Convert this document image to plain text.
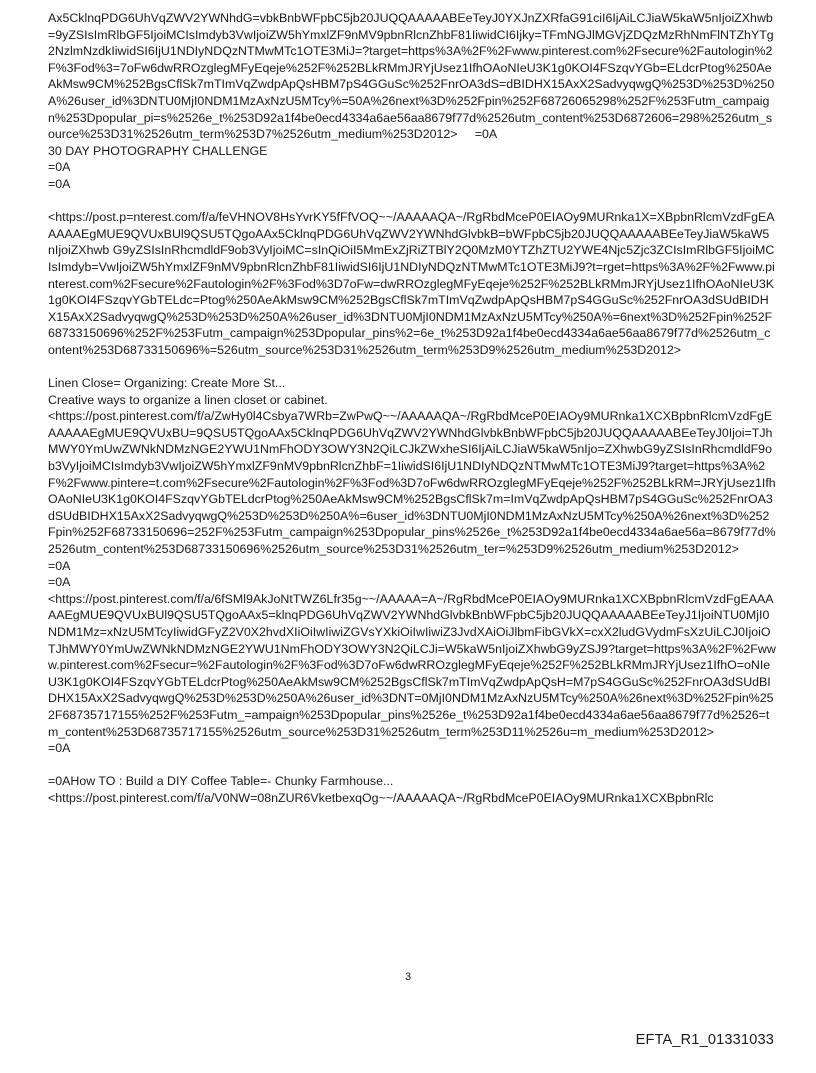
Ax5CklnqPDG6UhVqZWV2YWNhdG=vbkBnbWFpbC5jb20JUQQAAAAABEeTeyJ0YXJnZXRfaG91ciI6IjAiLCJiaW5kaW5nIjoiZXhwb=9yZSIsImRlbGF5IjoiMCIsImdyb3VwIjoiZW5hYmxlZF9nMV9pbnRlcnZhbF81IiwidCI6Ijky=TFmNGJlMGVjZDQzMzRhNmFlNTZhYTg2NzlmNzdkIiwidSI6IjU1NDIyNDQzNTMwMTc1OTE3MiJ=?target=https%3A%2F%2Fwww.pinterest.com%2Fsecure%2Fautologin%2F%3Fod%3=7oFw6dwRROzglegMFyEqeje%252F%252BLkRMmJRYjUsez1IfhOAoNIeU3K1g0KOI4FSzqvYGb=ELdcrPtog%250AeAkMsw9CM%252BgsCflSk7mTImVqZwdpApQsHBM7pS4GGuSc%252FnrOA3dS=dBIDHX15AxX2SadvyqwgQ%253D%253D%250A%26user_id%3DNTU0MjI0NDM1MzAxNzU5MTcy%=50A%26next%3D%252Fpin%252F68726065298%252F%253Futm_campaign%253Dpopular_pi=s%2526e_t%253D92a1f4be0ecd4334a6ae56aa8679f77d%2526utm_content%253D6872606=298%2526utm_source%253D31%2526utm_term%253D7%2526utm_medium%253D2012>     =0A

30 DAY PHOTOGRAPHY CHALLENGE

=0A

=0A

<https://post.p=nterest.com/f/a/feVHNOV8HsYvrKY5fFfVOQ~~/AAAAAQA~/RgRbdMceP0EIAOy9MURnka1X=XBpbnRlcmVzdFgEAAAAAEgMUE9QVUxBUl9QSU5TQgoAAx5CklnqPDG6UhVqZWV2YWNhdGlvbkB=bWFpbC5jb20JUQQAAAAABEeTeyJiaW5kaW5nIjoiZXhwb G9yZSIsInRhcmdldF9ob3VyIjoiMC=sInQiOiI5MmExZjRiZTBlY2Q0MzM0YTZhZTU2YWE4Njc5Zjc3ZCIsImRlbGF5IjoiMCIsImdyb=VwIjoiZW5hYmxlZF9nMV9pbnRlcnZhbF81IiwidSI6IjU1NDIyNDQzNTMwMTc1OTE3MiJ9?t=rget=https%3A%2F%2Fwww.pinterest.com%2Fsecure%2Fautologin%2F%3Fod%3D7oFw=dwRROzglegMFyEqeje%252F%252BLkRMmJRYjUsez1IfhOAoNIeU3K1g0KOI4FSzqvYGbTELdc=Ptog%250AeAkMsw9CM%252BgsCflSk7mTImVqZwdpApQsHBM7pS4GGuSc%252FnrOA3dSUdBIDHX15AxX2SadvyqwgQ%253D%253D%250A%26user_id%3DNTU0MjI0NDM1MzAxNzU5MTcy%250A%=6next%3D%252Fpin%252F68733150696%252F%253Futm_campaign%253Dpopular_pins%2=6e_t%253D92a1f4be0ecd4334a6ae56aa8679f77d%2526utm_content%253D68733150696%=526utm_source%253D31%2526utm_term%253D9%2526utm_medium%253D2012>

Linen Close= Organizing: Create More St...

Creative ways to organize a linen closet or cabinet.

<https://post.pinterest.com/f/a/ZwHy0l4Csbya7WRb=ZwPwQ~~/AAAAAQA~/RgRbdMceP0EIAOy9MURnka1XCXBpbnRlcmVzdFgEAAAAAEgMUE9QVUxBU=9QSU5TQgoAAx5CklnqPDG6UhVqZWV2YWNhdGlvbkBnbWFpbC5jb20JUQQAAAAABEeTeyJ0Ijoi=TJhMWY0YmUwZWNkNDMzNGE2YWU1NmFhODY3OWY3N2QiLCJkZWxheSI6IjAiLCJiaW5kaW5nIjo=ZXhwbG9yZSIsInRhcmdldF9ob3VyIjoiMCIsImdyb3VwIjoiZW5hYmxlZF9nMV9pbnRlcnZhbF=1IiwidSI6IjU1NDIyNDQzNTMwMTc1OTE3MiJ9?target=https%3A%2F%2Fwww.pintere=t.com%2Fsecure%2Fautologin%2F%3Fod%3D7oFw6dwRROzglegMFyEqeje%252F%252BLkRM=JRYjUsez1IfhOAoNIeU3K1g0KOI4FSzqvYGbTELdcrPtog%250AeAkMsw9CM%252BgsCflSk7m=ImVqZwdpApQsHBM7pS4GGuSc%252FnrOA3dSUdBIDHX15AxX2SadvyqwgQ%253D%253D%250A%=6user_id%3DNTU0MjI0NDM1MzAxNzU5MTcy%250A%26next%3D%252Fpin%252F68733150696=252F%253Futm_campaign%253Dpopular_pins%2526e_t%253D92a1f4be0ecd4334a6ae56a=8679f77d%2526utm_content%253D68733150696%2526utm_source%253D31%2526utm_ter=%253D9%2526utm_medium%253D2012>

=0A

=0A

<https://post.pinterest.com/f/a/6fSMl9AkJoNtTWZ6Lfr35g~~/AAAAA=A~/RgRbdMceP0EIAOy9MURnka1XCXBpbnRlcmVzdFgEAAAAAEgMUE9QVUxBUl9QSU5TQgoAAx5=klnqPDG6UhVqZWV2YWNhdGlvbkBnbWFpbC5jb20JUQQAAAAABEeTeyJ1IjoiNTU0MjI0NDM1Mz=xNzU5MTcyIiwidGFyZ2V0X2hvdXIiOiIwIiwiZGVsYXkiOiIwIiwiZ3JvdXAiOiJlbmFibGVkX=cxX2ludGVydmFsXzUiLCJ0IjoiOTJhMWY0YmUwZWNkNDMzNGE2YWU1NmFhODY3OWY3N2QiLCJi=W5kaW5nIjoiZXhwbG9yZSJ9?target=https%3A%2F%2Fwww.pinterest.com%2Fsecur=%2Fautologin%2F%3Fod%3D7oFw6dwRROzglegMFyEqeje%252F%252BLkRMmJRYjUsez1IfhO=oNIeU3K1g0KOI4FSzqvYGbTELdcrPtog%250AeAkMsw9CM%252BgsCflSk7mTImVqZwdpApQsH=M7pS4GGuSc%252FnrOA3dSUdBIDHX15AxX2SadvyqwgQ%253D%253D%250A%26user_id%3DNT=0MjI0NDM1MzAxNzU5MTcy%250A%26next%3D%252Fpin%252F68735717155%252F%253Futm_=ampaign%253Dpopular_pins%2526e_t%253D92a1f4be0ecd4334a6ae56aa8679f77d%2526=tm_content%253D68735717155%2526utm_source%253D31%2526utm_term%253D11%2526u=m_medium%253D2012>

=0A

=0AHow TO : Build a DIY Coffee Table=- Chunky Farmhouse...

<https://post.pinterest.com/f/a/V0NW=08nZUR6VketbexqOg~~/AAAAAQA~/RgRbdMceP0EIAOy9MURnka1XCXBpbnRlc

3
EFTA_R1_01331033
